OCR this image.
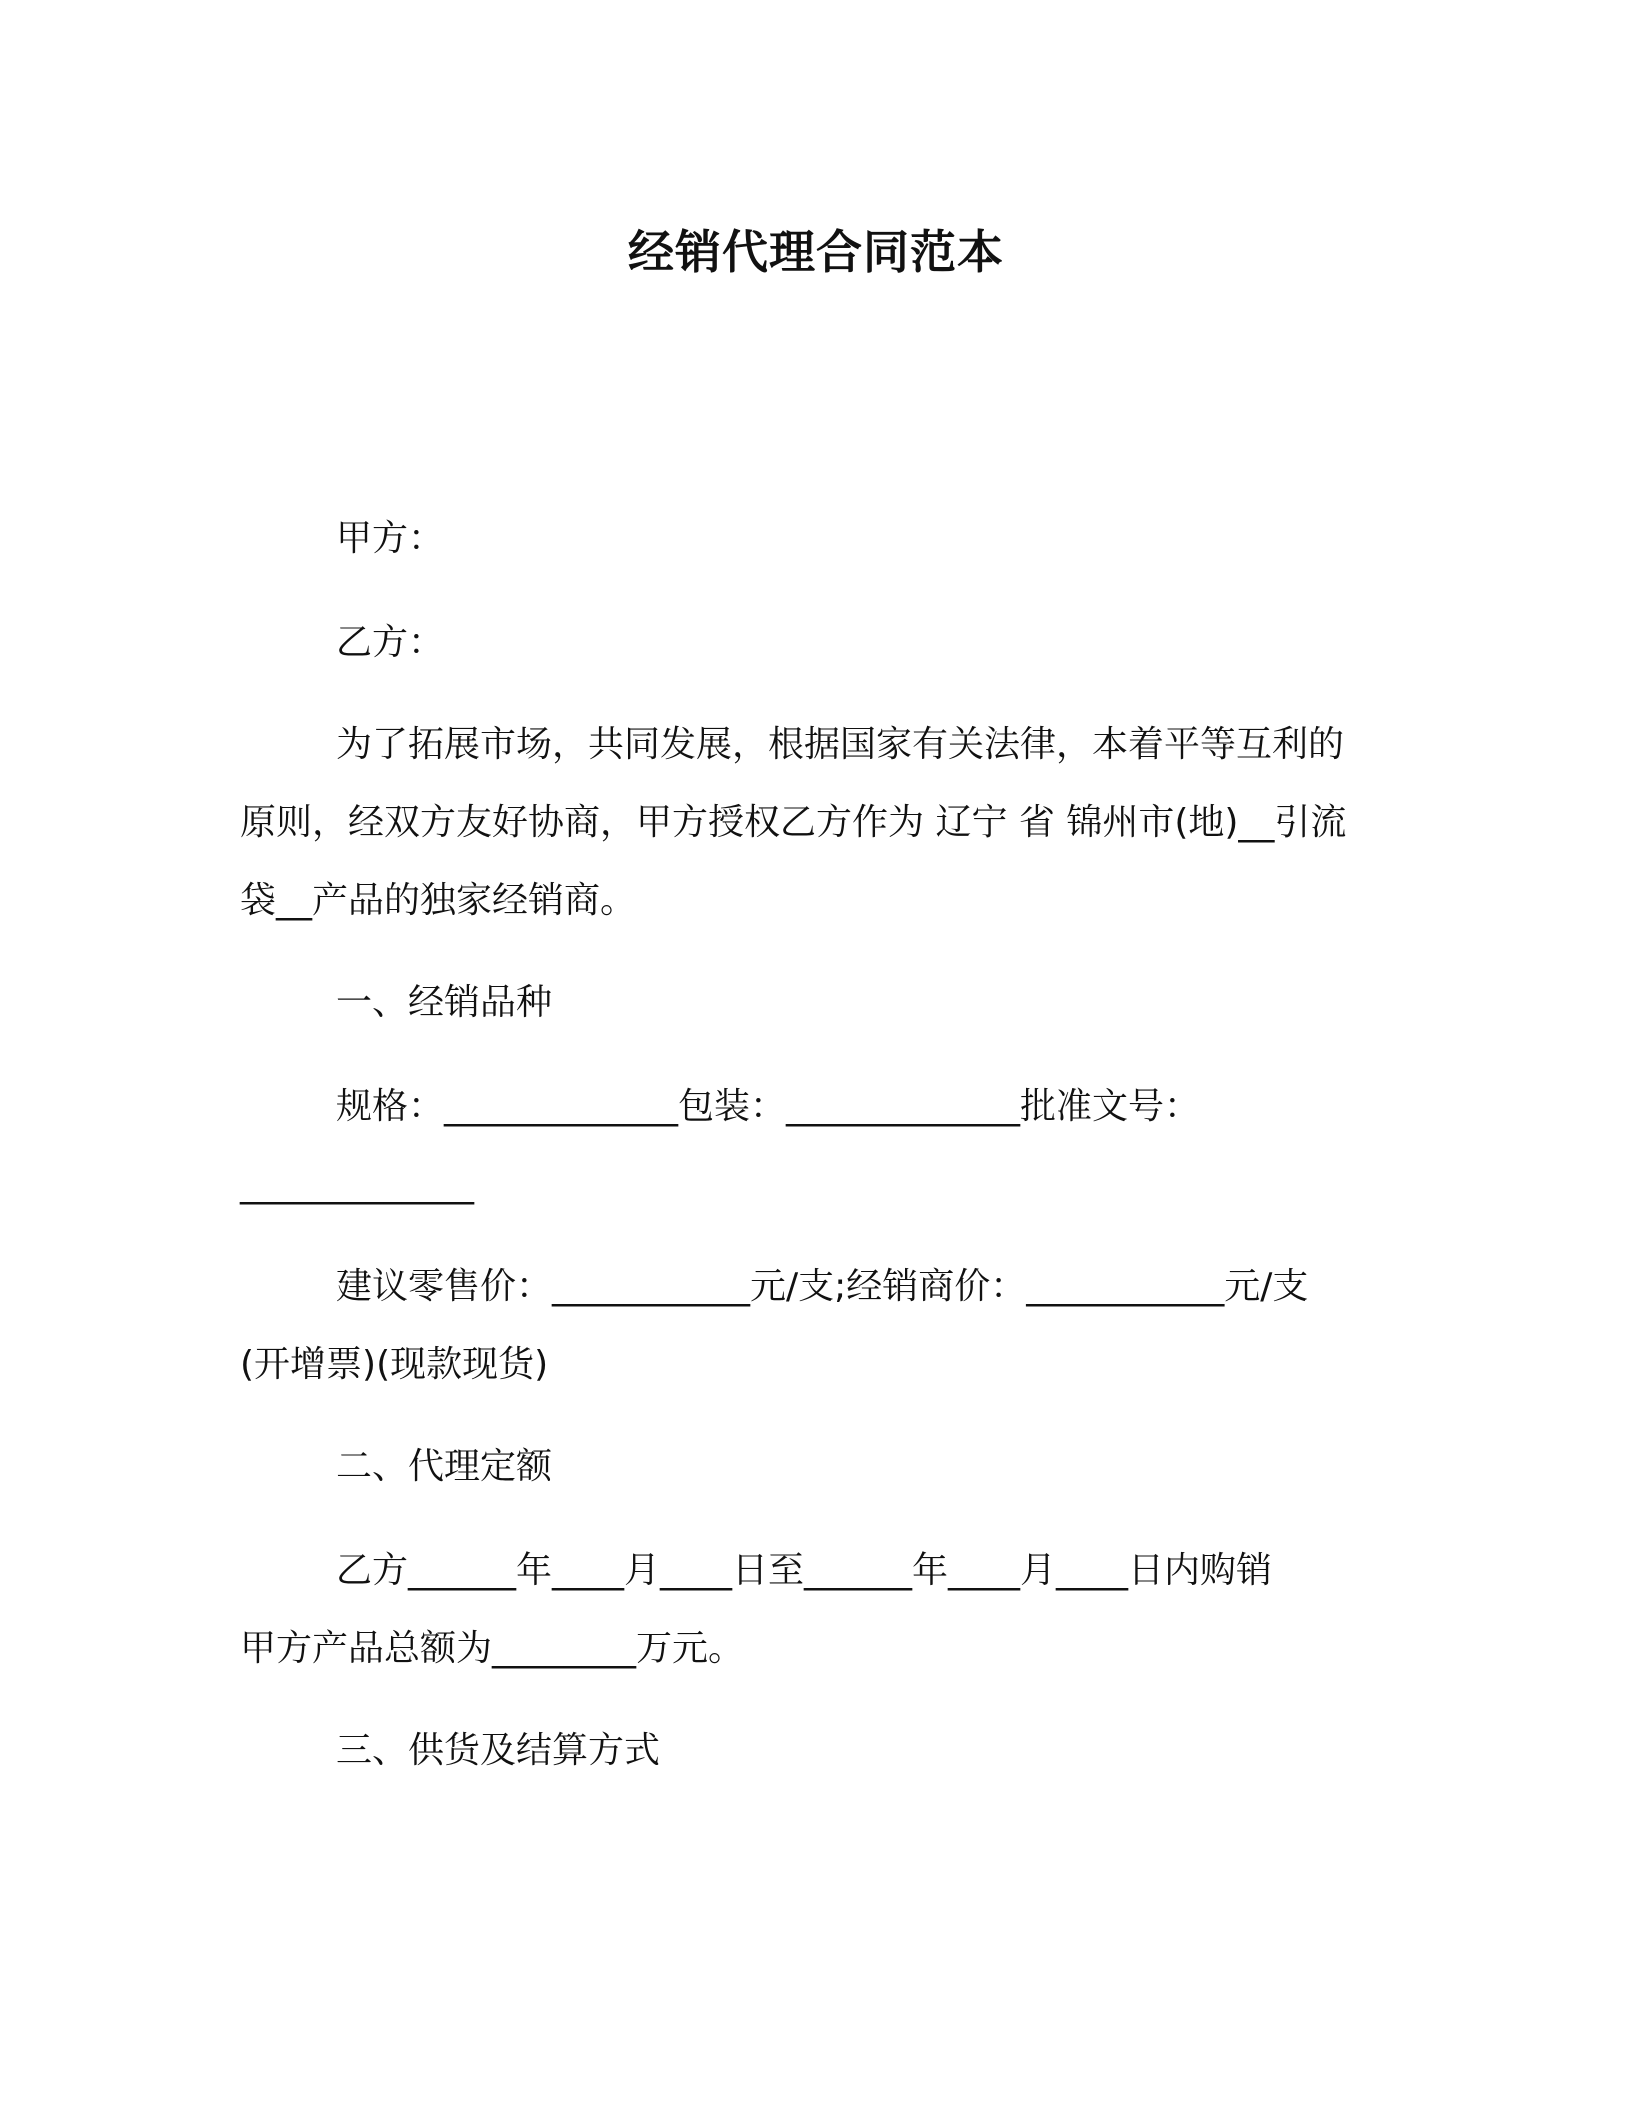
经销代理合同范本
甲方：
乙方：
为了拓展市场，共同发展，根据国家有关法律，本着平等互利的
原则，经双方友好协商，甲方授权乙方作为 辽宁 省 锦州市(地)__引流
袋__产品的独家经销商。
一、经销品种
规格：_____________包装：_____________批准文号：
_____________
建议零售价：___________元/支;经销商价：___________元/支
(开增票)(现款现货)
二、代理定额
乙方______年____月____日至______年____月____日内购销
甲方产品总额为________万元。
三、供货及结算方式
